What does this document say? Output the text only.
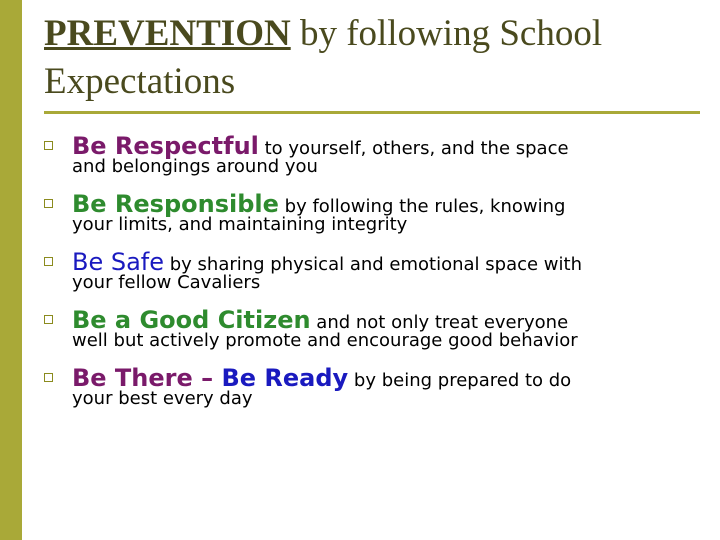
PREVENTION by following School Expectations
Be Respectful to yourself, others, and the space
and belongings around you
Be Responsible by following the rules, knowing
your limits, and maintaining integrity
Be Safe by sharing physical and emotional space with
your fellow Cavaliers
Be a Good Citizen and not only treat everyone
well but actively promote and encourage good behavior
Be There – Be Ready by being prepared to do
your best every day
